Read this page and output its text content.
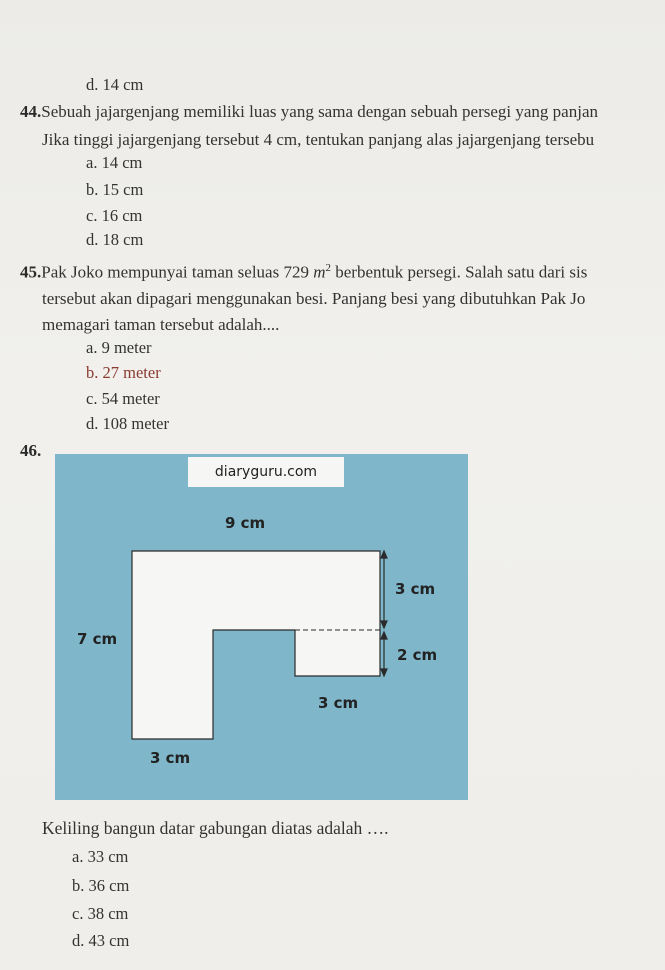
d. 14 cm
44.Sebuah jajargenjang memiliki luas yang sama dengan sebuah persegi yang panjan
Jika tinggi jajargenjang tersebut 4 cm, tentukan panjang alas jajargenjang tersebu
a. 14 cm
b. 15 cm
c. 16 cm
d. 18 cm
45.Pak Joko mempunyai taman seluas 729 $m^2$ berbentuk persegi. Salah satu dari sis
tersebut akan dipagari menggunakan besi. Panjang besi yang dibutuhkan Pak Jo
memagari taman tersebut adalah....
a. 9 meter
b. 27 meter
c. 54 meter
d. 108 meter
46.
diaryguru.com
9 cm
3 cm
7 cm
2 cm
3 cm
3 cm
Keliling bangun datar gabungan diatas adalah ….
a. 33 cm
b. 36 cm
c. 38 cm
d. 43 cm
